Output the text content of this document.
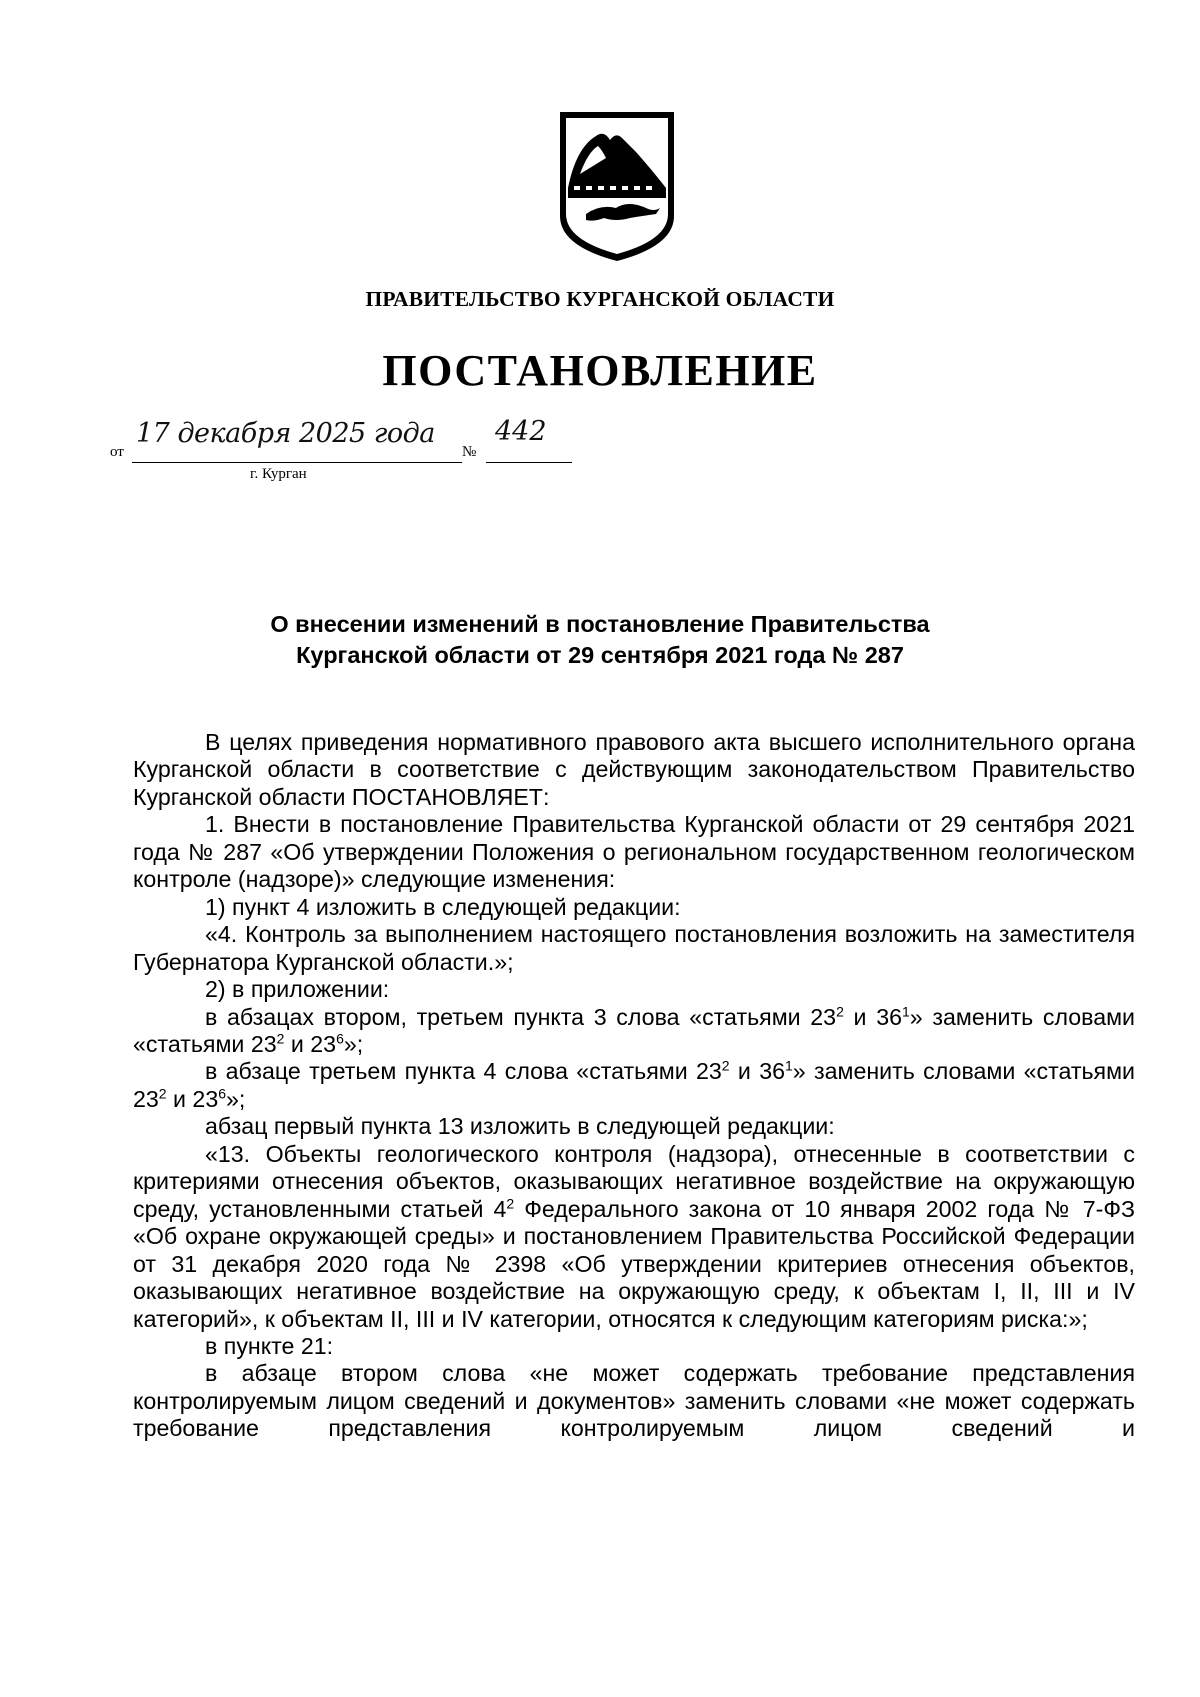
ПРАВИТЕЛЬСТВО КУРГАНСКОЙ ОБЛАСТИ
ПОСТАНОВЛЕНИЕ
от
17 декабря 2025 года
№
442
г. Курган
О внесении изменений в постановление Правительства
Курганской области от 29 сентября 2021 года № 287

В целях приведения нормативного правового акта высшего исполнительного органа Курганской области в соответствие с действующим законодательством Правительство Курганской области ПОСТАНОВЛЯЕТ:

1. Внести в постановление Правительства Курганской области от 29 сентября 2021 года № 287 «Об утверждении Положения о региональном государственном геологическом контроле (надзоре)» следующие изменения:

1) пункт 4 изложить в следующей редакции:

«4. Контроль за выполнением настоящего постановления возложить на заместителя Губернатора Курганской области.»;

2) в приложении:

в абзацах втором, третьем пункта 3 слова «статьями $23^2$ и $36^1$» заменить словами «статьями $23^2$ и $23^6$»;

в абзаце третьем пункта 4 слова «статьями $23^2$ и $36^1$» заменить словами «статьями $23^2$ и $23^6$»;

абзац первый пункта 13 изложить в следующей редакции:

«13. Объекты геологического контроля (надзора), отнесенные в соответствии с критериями отнесения объектов, оказывающих негативное воздействие на окружающую среду, установленными статьей $4^2$ Федерального закона от 10 января 2002 года № 7-ФЗ «Об охране окружающей среды» и постановлением Правительства Российской Федерации от 31 декабря 2020 года № 2398 «Об утверждении критериев отнесения объектов, оказывающих негативное воздействие на окружающую среду, к объектам I, II, III и IV категорий», к объектам II, III и IV категории, относятся к следующим категориям риска:»;

в пункте 21:

в абзаце втором слова «не может содержать требование представления контролируемым лицом сведений и документов» заменить словами «не может содержать требование представления контролируемым лицом сведений и
